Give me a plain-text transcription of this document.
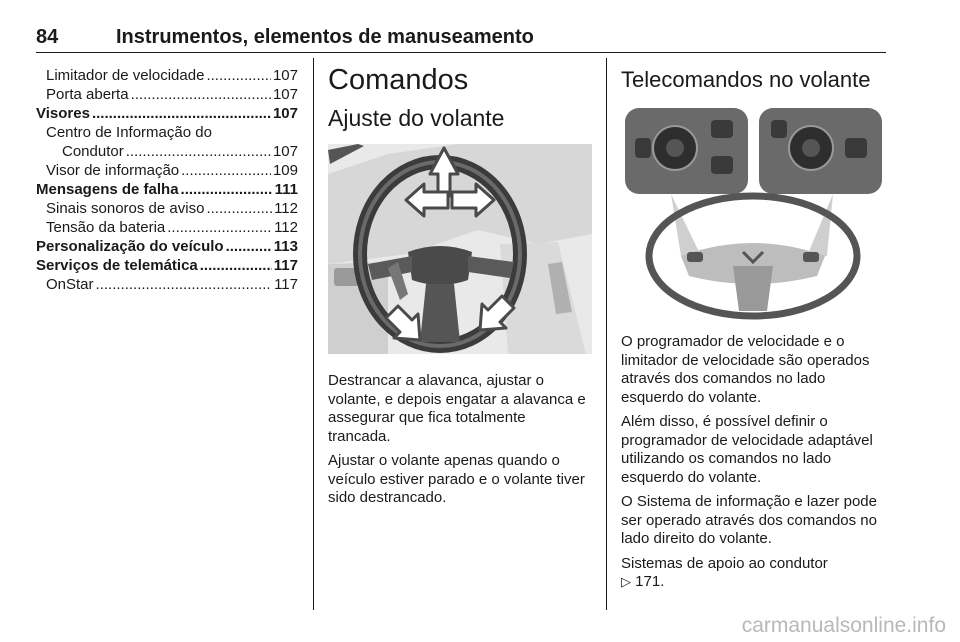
84	Instrumentos, elementos de manuseamento
Limitador de velocidade .....	107
Porta aberta .....	107
Visores .....	107
Centro de Informação do
Condutor .....	107
Visor de informação .....	109
Mensagens de falha .....	111
Sinais sonoros de aviso .....	112
Tensão da bateria .....	112
Personalização do veículo .....	113
Serviços de telemática .....	117
OnStar .....	117
Comandos
Ajuste do volante

Destrancar a alavanca, ajustar o volante, e depois engatar a alavanca e assegurar que fica totalmente trancada.

Ajustar o volante apenas quando o veículo estiver parado e o volante tiver sido destrancado.

Telecomandos no volante

O programador de velocidade e o limitador de velocidade são operados através dos comandos no lado esquerdo do volante.

Além disso, é possível definir o programador de velocidade adaptável utilizando os comandos no lado esquerdo do volante.

O Sistema de informação e lazer pode ser operado através dos comandos no lado direito do volante.

Sistemas de apoio ao condutor
▷ 171.

carmanualsonline.info
